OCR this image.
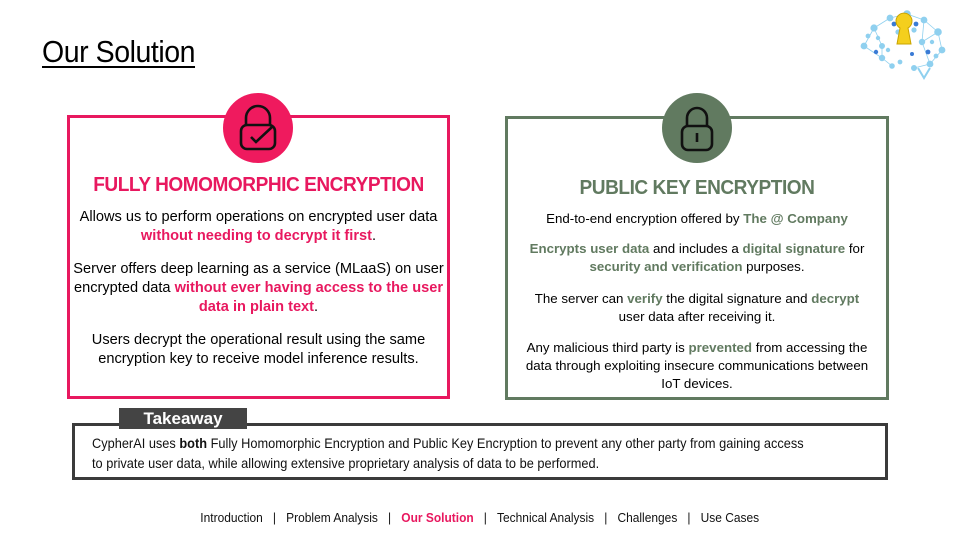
Our Solution
FULLY HOMOMORPHIC ENCRYPTION
Allows us to perform operations on encrypted user data without needing to decrypt it first.
Server offers deep learning as a service (MLaaS) on user encrypted data without ever having access to the user data in plain text.
Users decrypt the operational result using the same encryption key to receive model inference results.
PUBLIC KEY ENCRYPTION
End-to-end encryption offered by The @ Company
Encrypts user data and includes a digital signature for security and verification purposes.
The server can verify the digital signature and decrypt user data after receiving it.
Any malicious third party is prevented from accessing the data through exploiting insecure communications between IoT devices.
CypherAI uses both Fully Homomorphic Encryption and Public Key Encryption to prevent any other party from gaining access to private user data, while allowing extensive proprietary analysis of data to be performed.
Takeaway
Introduction | Problem Analysis | Our Solution | Technical Analysis | Challenges | Use Cases
